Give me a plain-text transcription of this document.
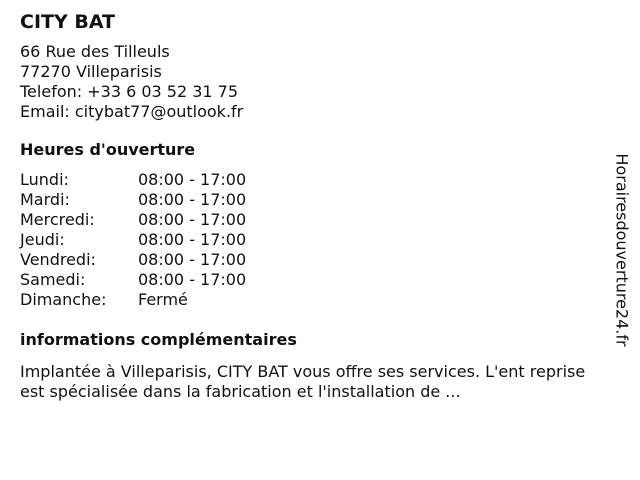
CITY BAT
66 Rue des Tilleuls
77270 Villeparisis
Telefon: +33 6 03 52 31 75
Email: citybat77@outlook.fr
Heures d'ouverture
Lundi:	08:00 - 17:00
Mardi:	08:00 - 17:00
Mercredi:	08:00 - 17:00
Jeudi:	08:00 - 17:00
Vendredi:	08:00 - 17:00
Samedi:	08:00 - 17:00
Dimanche:	Fermé
informations complémentaires
Implantée à Villeparisis, CITY BAT vous offre ses services. L'ent reprise est spécialisée dans la fabrication et l'installation de ...
Horairesdouverture24.fr
